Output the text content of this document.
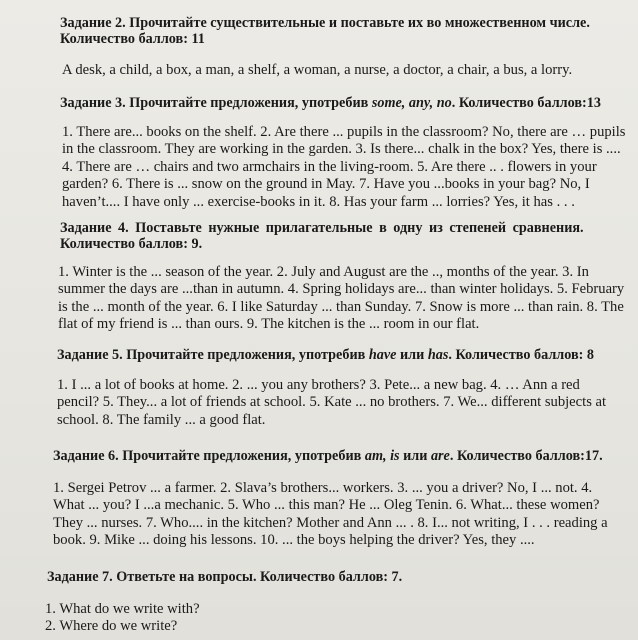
Задание 2. Прочитайте существительные и поставьте их во множественном числе.

Количество баллов: 11

A desk, a child, a box, a man, a shelf, a woman, a nurse, a doctor, a chair, a bus, a lorry.

Задание 3. Прочитайте предложения, употребив some, any, no. Количество баллов:13

1. There are... books on the shelf. 2. Are there ... pupils in the classroom? No, there are … pupils
in the classroom. They are working in the garden. 3. Is there... chalk in the box? Yes, there is ....
4. There are … chairs and two armchairs in the living-room. 5. Are there .. . flowers in your
garden? 6. There is ... snow on the ground in May. 7. Have you ...books in your bag? No, I
haven’t.... I have only ... exercise-books in it. 8. Has your farm ... lorries? Yes, it has . . .

Задание 4. Поставьте нужные прилагательные в одну из степеней сравнения.

Количество баллов: 9.

1. Winter is the ... season of the year. 2. July and August are the .., months of the year. 3. In
summer the days are ...than in autumn. 4. Spring holidays are... than winter holidays. 5. February
is the ... month of the year. 6. I like Saturday ... than Sunday. 7. Snow is more ... than rain. 8. The
flat of my friend is ... than ours. 9. The kitchen is the ... room in our flat.

Задание 5. Прочитайте предложения, употребив have или has. Количество баллов: 8

1. I ... a lot of books at home. 2. ... you any brothers? 3. Pete... a new bag. 4. … Ann a red
pencil? 5. They... a lot of friends at school. 5. Kate ... no brothers. 7. We... different subjects at
school. 8. The family ... a good flat.

Задание 6. Прочитайте предложения, употребив am, is или are. Количество баллов:17.

1. Sergei Petrov ... a farmer. 2. Slava’s brothers... workers. 3. ... you a driver? No, I ... not. 4.
What ... you? I ...a mechanic. 5. Who ... this man? He ... Oleg Tenin. 6. What... these women?
They ... nurses. 7. Who.... in the kitchen? Mother and Ann ... . 8. I... not writing, I . . . reading a
book. 9. Mike ... doing his lessons. 10. ... the boys helping the driver? Yes, they ....

Задание 7. Ответьте на вопросы. Количество баллов: 7.

1. What do we write with?
2. Where do we write?
